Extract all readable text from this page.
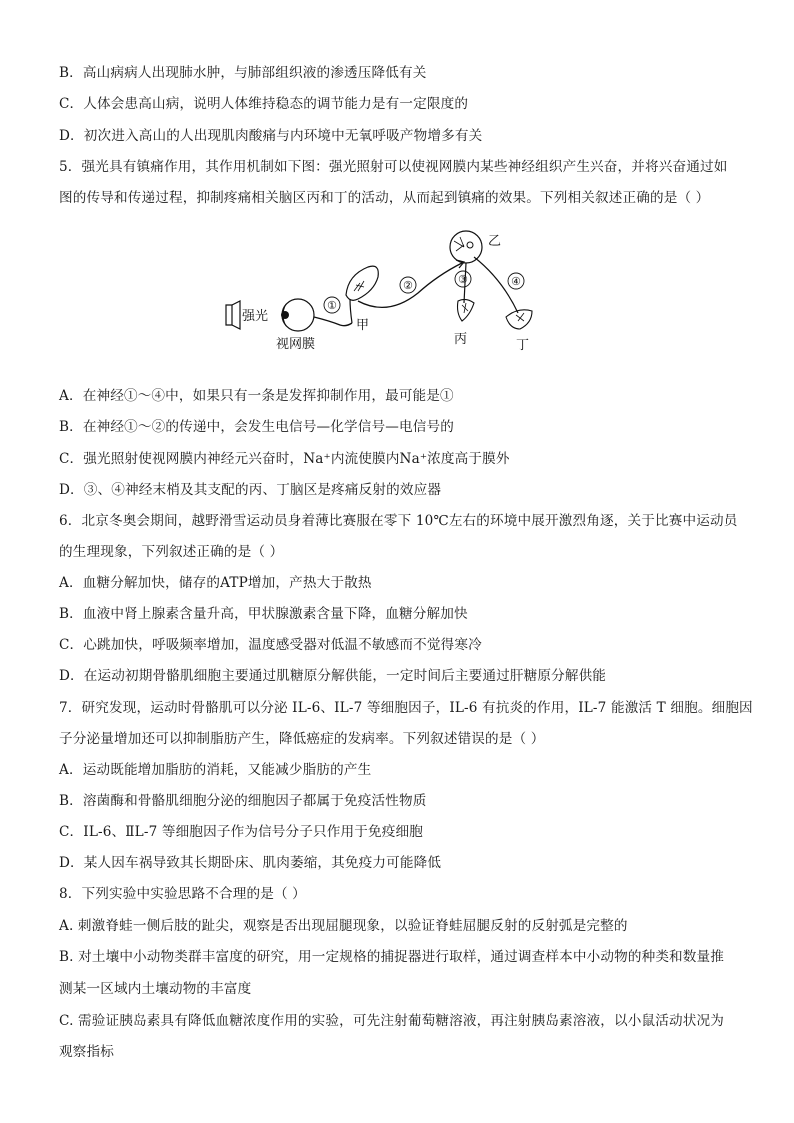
B．高山病病人出现肺水肿，与肺部组织液的渗透压降低有关
C．人体会患高山病，说明人体维持稳态的调节能力是有一定限度的
D．初次进入高山的人出现肌肉酸痛与内环境中无氧呼吸产物增多有关
5．强光具有镇痛作用，其作用机制如下图：强光照射可以使视网膜内某些神经组织产生兴奋，并将兴奋通过如
图的传导和传递过程，抑制疼痛相关脑区丙和丁的活动，从而起到镇痛的效果。下列相关叙述正确的是（ ）
强光
视网膜
①
甲
②
乙
③
丙
④
丁
A．在神经①～④中，如果只有一条是发挥抑制作用，最可能是①
B．在神经①～②的传递中，会发生电信号—化学信号—电信号的
C．强光照射使视网膜内神经元兴奋时，Na⁺内流使膜内Na⁺浓度高于膜外
D．③、④神经末梢及其支配的丙、丁脑区是疼痛反射的效应器
6．北京冬奥会期间，越野滑雪运动员身着薄比赛服在零下 10℃左右的环境中展开激烈角逐，关于比赛中运动员
的生理现象，下列叙述正确的是（ ）
A．血糖分解加快，储存的ATP增加，产热大于散热
B．血液中肾上腺素含量升高，甲状腺激素含量下降，血糖分解加快
C．心跳加快，呼吸频率增加，温度感受器对低温不敏感而不觉得寒冷
D．在运动初期骨骼肌细胞主要通过肌糖原分解供能，一定时间后主要通过肝糖原分解供能
7．研究发现，运动时骨骼肌可以分泌 IL-6、IL-7 等细胞因子，IL-6 有抗炎的作用，IL-7 能激活 T 细胞。细胞因
子分泌量增加还可以抑制脂肪产生，降低癌症的发病率。下列叙述错误的是（ ）
A．运动既能增加脂肪的消耗，又能减少脂肪的产生
B．溶菌酶和骨骼肌细胞分泌的细胞因子都属于免疫活性物质
C．IL-6、ⅡL-7 等细胞因子作为信号分子只作用于免疫细胞
D．某人因车祸导致其长期卧床、肌肉萎缩，其免疫力可能降低
8．下列实验中实验思路不合理的是（ ）
A. 刺激脊蛙一侧后肢的趾尖，观察是否出现屈腿现象，以验证脊蛙屈腿反射的反射弧是完整的
B. 对土壤中小动物类群丰富度的研究，用一定规格的捕捉器进行取样，通过调查样本中小动物的种类和数量推
测某一区域内土壤动物的丰富度
C. 需验证胰岛素具有降低血糖浓度作用的实验，可先注射葡萄糖溶液，再注射胰岛素溶液，以小鼠活动状况为
观察指标
